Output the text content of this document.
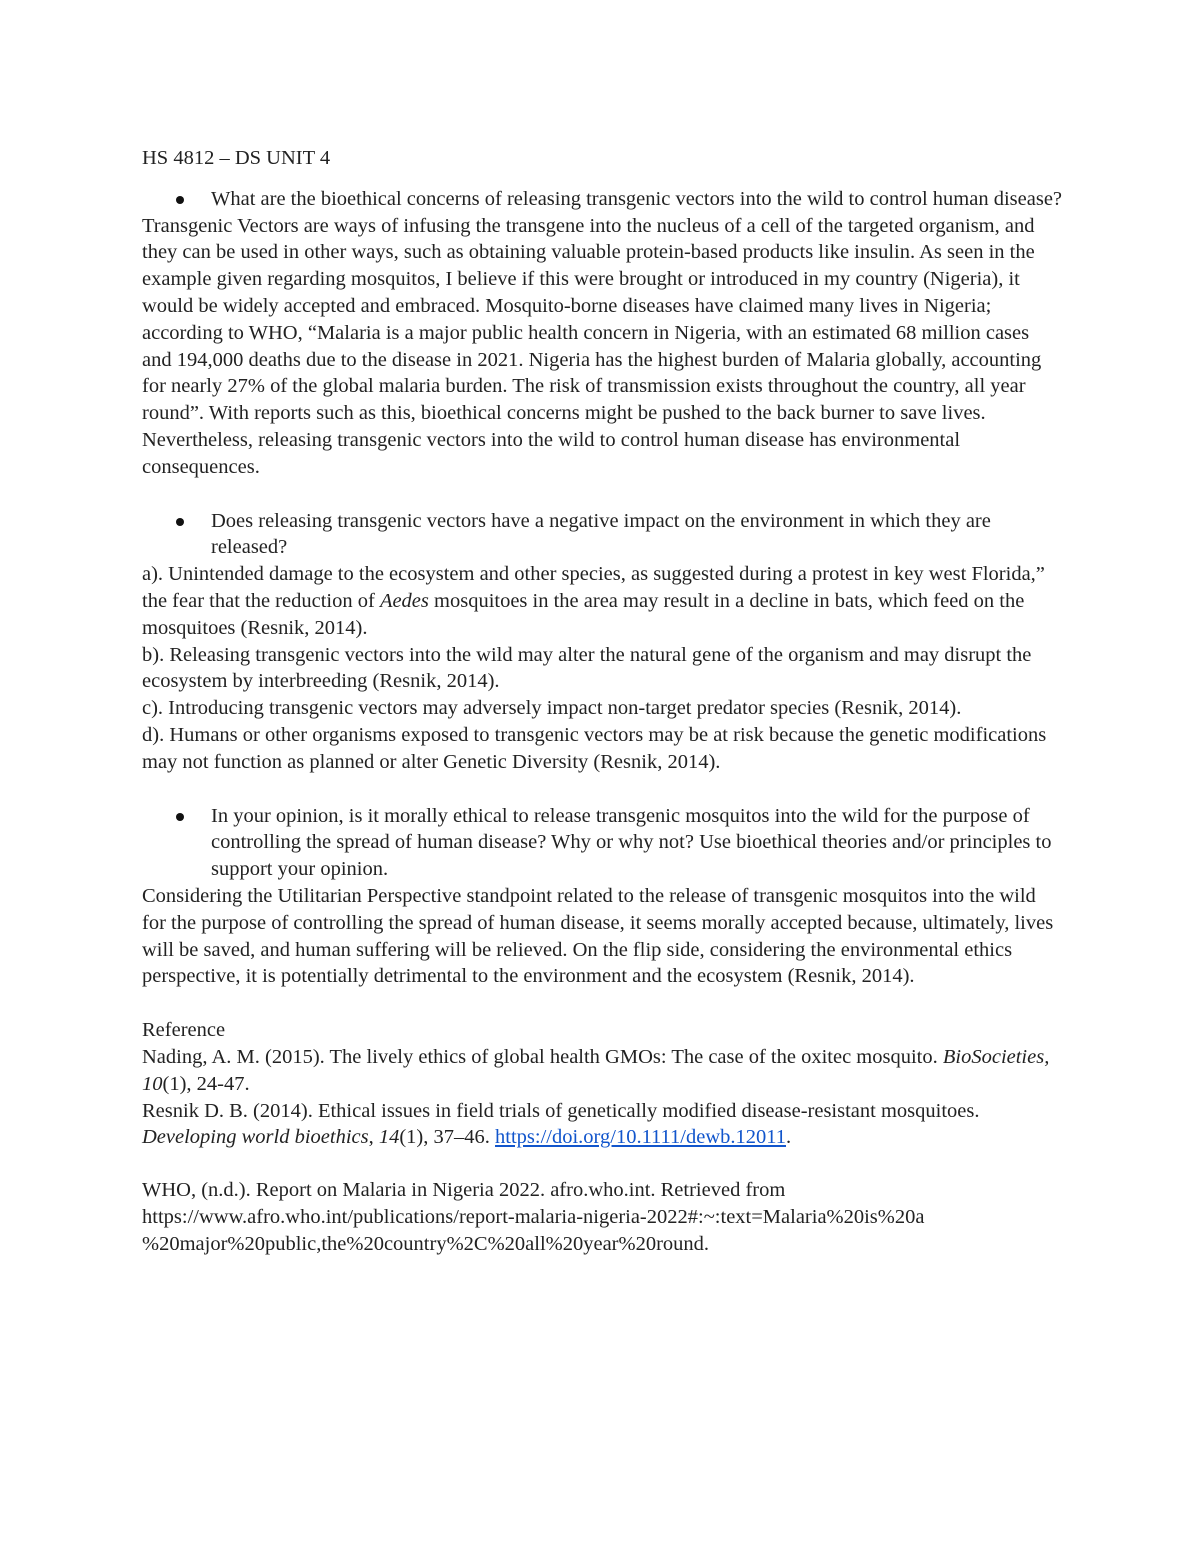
HS 4812 – DS UNIT 4

What are the bioethical concerns of releasing transgenic vectors into the wild to control human disease?

Transgenic Vectors are ways of infusing the transgene into the nucleus of a cell of the targeted organism, and they can be used in other ways, such as obtaining valuable protein-based products like insulin. As seen in the example given regarding mosquitos, I believe if this were brought or introduced in my country (Nigeria), it would be widely accepted and embraced. Mosquito-borne diseases have claimed many lives in Nigeria; according to WHO, “Malaria is a major public health concern in Nigeria, with an estimated 68 million cases and 194,000 deaths due to the disease in 2021. Nigeria has the highest burden of Malaria globally, accounting for nearly 27% of the global malaria burden. The risk of transmission exists throughout the country, all year round”. With reports such as this, bioethical concerns might be pushed to the back burner to save lives. Nevertheless, releasing transgenic vectors into the wild to control human disease has environmental consequences.

Does releasing transgenic vectors have a negative impact on the environment in which they are released?

a). Unintended damage to the ecosystem and other species, as suggested during a protest in key west Florida,” the fear that the reduction of Aedes mosquitoes in the area may result in a decline in bats, which feed on the mosquitoes (Resnik, 2014).

b). Releasing transgenic vectors into the wild may alter the natural gene of the organism and may disrupt the ecosystem by interbreeding (Resnik, 2014).

c). Introducing transgenic vectors may adversely impact non-target predator species (Resnik, 2014).

d). Humans or other organisms exposed to transgenic vectors may be at risk because the genetic modifications may not function as planned or alter Genetic Diversity (Resnik, 2014).

In your opinion, is it morally ethical to release transgenic mosquitos into the wild for the purpose of controlling the spread of human disease? Why or why not? Use bioethical theories and/or principles to support your opinion.

Considering the Utilitarian Perspective standpoint related to the release of transgenic mosquitos into the wild for the purpose of controlling the spread of human disease, it seems morally accepted because, ultimately, lives will be saved, and human suffering will be relieved. On the flip side, considering the environmental ethics perspective, it is potentially detrimental to the environment and the ecosystem (Resnik, 2014).

Reference

Nading, A. M. (2015). The lively ethics of global health GMOs: The case of the oxitec mosquito. BioSocieties, 10(1), 24-47.

Resnik D. B. (2014). Ethical issues in field trials of genetically modified disease-resistant mosquitoes. Developing world bioethics, 14(1), 37–46. https://doi.org/10.1111/dewb.12011.

WHO, (n.d.). Report on Malaria in Nigeria 2022. afro.who.int. Retrieved from

https://www.afro.who.int/publications/report-malaria-nigeria-2022#:~:text=Malaria%20is%20a

%20major%20public,the%20country%2C%20all%20year%20round.
